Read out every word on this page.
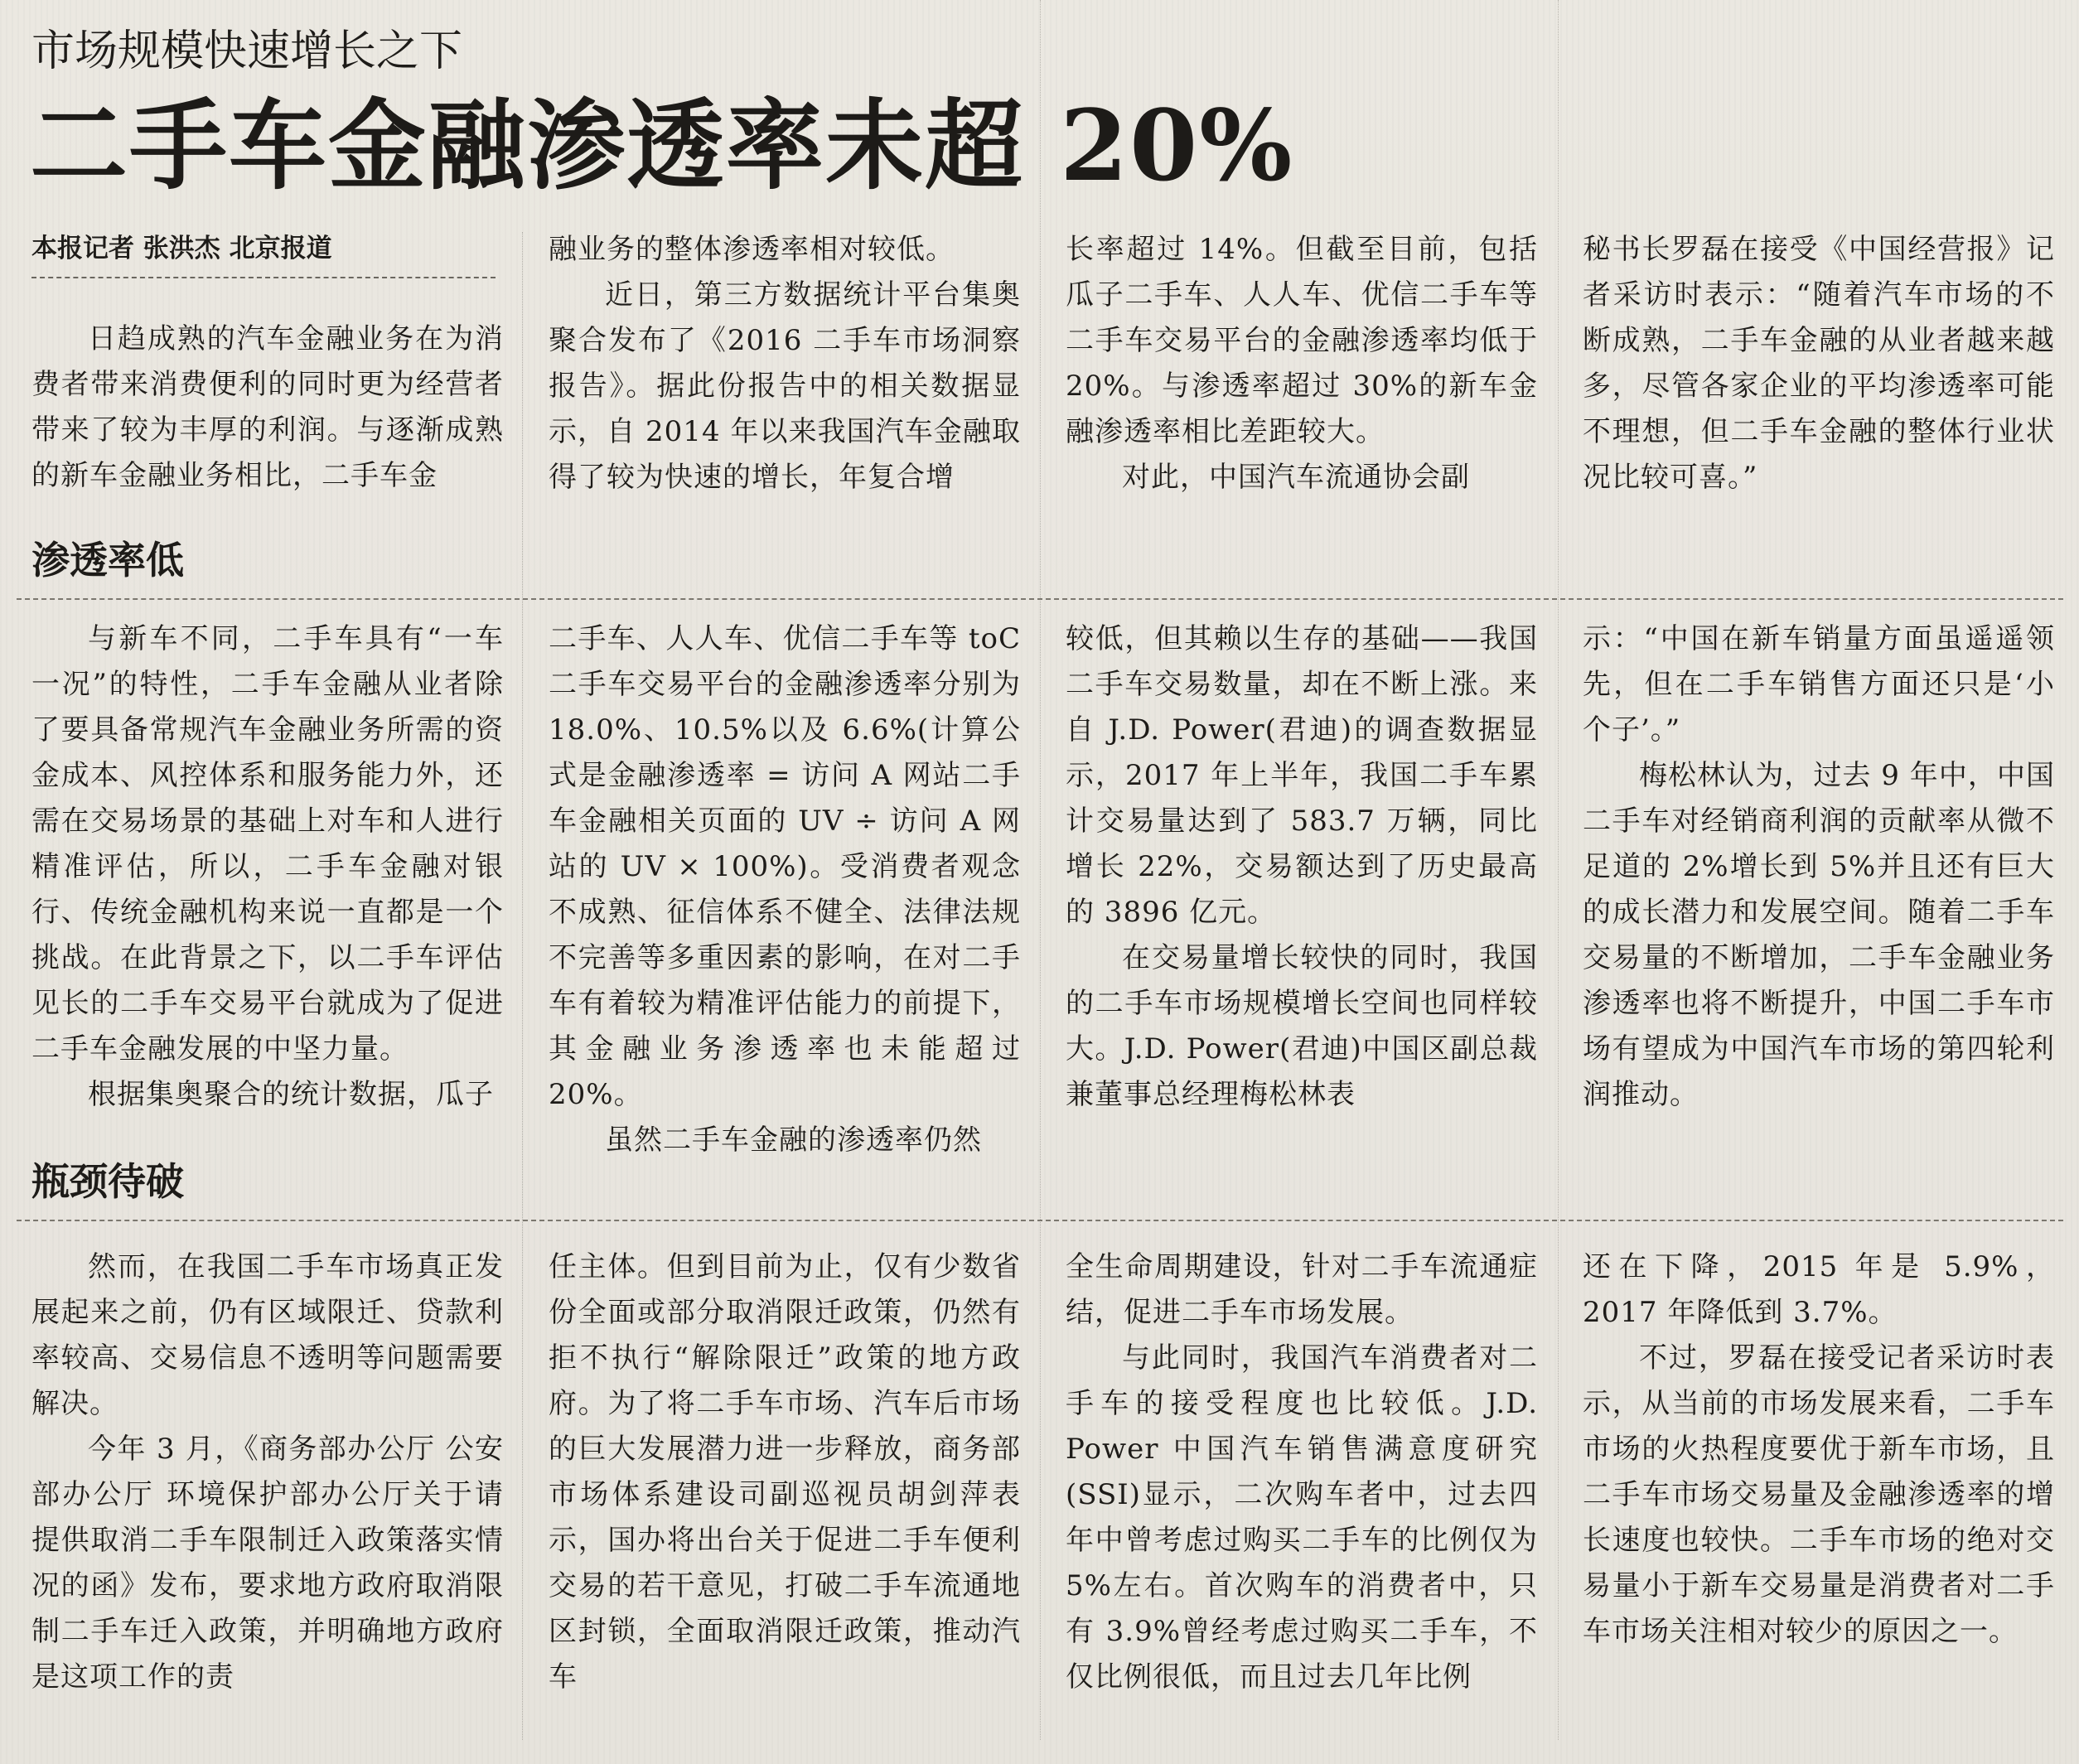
市场规模快速增长之下
二手车金融渗透率未超 20%
本报记者 张洪杰 北京报道

日趋成熟的汽车金融业务在为消费者带来消费便利的同时更为经营者带来了较为丰厚的利润。与逐渐成熟的新车金融业务相比，二手车金

融业务的整体渗透率相对较低。

近日，第三方数据统计平台集奥聚合发布了《2016 二手车市场洞察报告》。据此份报告中的相关数据显示，自 2014 年以来我国汽车金融取得了较为快速的增长，年复合增

长率超过 14%。但截至目前，包括瓜子二手车、人人车、优信二手车等二手车交易平台的金融渗透率均低于 20%。与渗透率超过 30%的新车金融渗透率相比差距较大。

对此，中国汽车流通协会副

秘书长罗磊在接受《中国经营报》记者采访时表示：“随着汽车市场的不断成熟，二手车金融的从业者越来越多，尽管各家企业的平均渗透率可能不理想，但二手车金融的整体行业状况比较可喜。”

渗透率低

与新车不同，二手车具有“一车一况”的特性，二手车金融从业者除了要具备常规汽车金融业务所需的资金成本、风控体系和服务能力外，还需在交易场景的基础上对车和人进行精准评估，所以，二手车金融对银行、传统金融机构来说一直都是一个挑战。在此背景之下，以二手车评估见长的二手车交易平台就成为了促进二手车金融发展的中坚力量。

根据集奥聚合的统计数据，瓜子

二手车、人人车、优信二手车等 toC 二手车交易平台的金融渗透率分别为 18.0%、10.5%以及 6.6%(计算公式是金融渗透率 = 访问 A 网站二手车金融相关页面的 UV ÷ 访问 A 网站的 UV × 100%)。受消费者观念不成熟、征信体系不健全、法律法规不完善等多重因素的影响，在对二手车有着较为精准评估能力的前提下，其金融业务渗透率也未能超过 20%。

虽然二手车金融的渗透率仍然

较低，但其赖以生存的基础——我国二手车交易数量，却在不断上涨。来自 J.D. Power(君迪)的调查数据显示，2017 年上半年，我国二手车累计交易量达到了 583.7 万辆，同比增长 22%，交易额达到了历史最高的 3896 亿元。

在交易量增长较快的同时，我国的二手车市场规模增长空间也同样较大。J.D. Power(君迪)中国区副总裁兼董事总经理梅松林表

示：“中国在新车销量方面虽遥遥领先，但在二手车销售方面还只是‘小个子’。”

梅松林认为，过去 9 年中，中国二手车对经销商利润的贡献率从微不足道的 2%增长到 5%并且还有巨大的成长潜力和发展空间。随着二手车交易量的不断增加，二手车金融业务渗透率也将不断提升，中国二手车市场有望成为中国汽车市场的第四轮利润推动。

瓶颈待破

然而，在我国二手车市场真正发展起来之前，仍有区域限迁、贷款利率较高、交易信息不透明等问题需要解决。

今年 3 月，《商务部办公厅 公安部办公厅 环境保护部办公厅关于请提供取消二手车限制迁入政策落实情况的函》发布，要求地方政府取消限制二手车迁入政策，并明确地方政府是这项工作的责

任主体。但到目前为止，仅有少数省份全面或部分取消限迁政策，仍然有拒不执行“解除限迁”政策的地方政府。为了将二手车市场、汽车后市场的巨大发展潜力进一步释放，商务部市场体系建设司副巡视员胡剑萍表示，国办将出台关于促进二手车便利交易的若干意见，打破二手车流通地区封锁，全面取消限迁政策，推动汽车

全生命周期建设，针对二手车流通症结，促进二手车市场发展。

与此同时，我国汽车消费者对二手车的接受程度也比较低。J.D. Power 中国汽车销售满意度研究(SSI)显示，二次购车者中，过去四年中曾考虑过购买二手车的比例仅为 5%左右。首次购车的消费者中，只有 3.9%曾经考虑过购买二手车，不仅比例很低，而且过去几年比例

还在下降，2015 年是 5.9%，2017 年降低到 3.7%。

不过，罗磊在接受记者采访时表示，从当前的市场发展来看，二手车市场的火热程度要优于新车市场，且二手车市场交易量及金融渗透率的增长速度也较快。二手车市场的绝对交易量小于新车交易量是消费者对二手车市场关注相对较少的原因之一。
